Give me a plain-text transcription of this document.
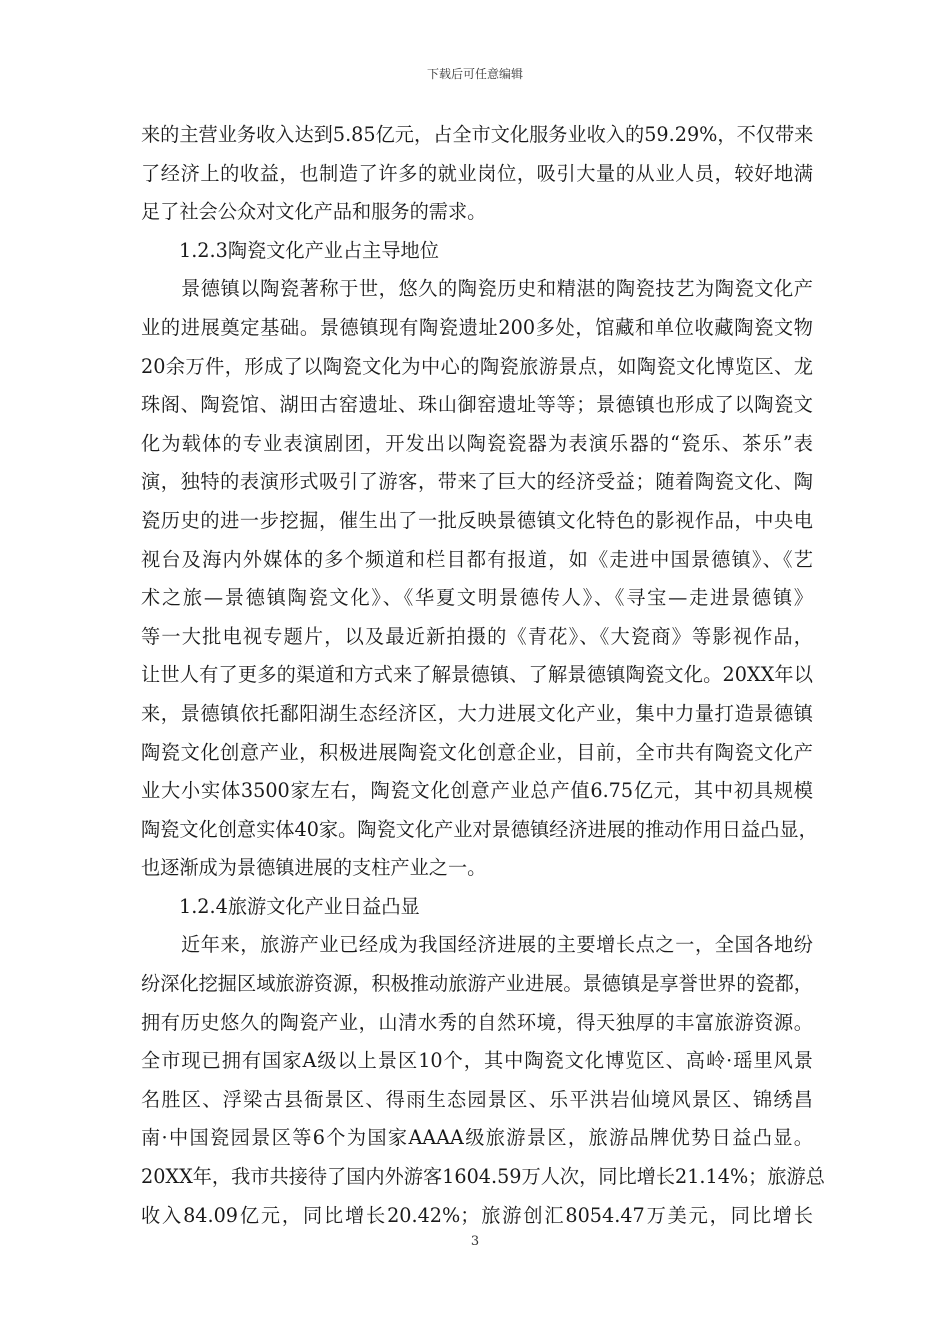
下载后可任意编辑
来的主营业务收入达到5.85亿元，占全市文化服务业收入的59.29%，不仅带来
了经济上的收益，也制造了许多的就业岗位，吸引大量的从业人员，较好地满
足了社会公众对文化产品和服务的需求。
1.2.3陶瓷文化产业占主导地位
景德镇以陶瓷著称于世，悠久的陶瓷历史和精湛的陶瓷技艺为陶瓷文化产
业的进展奠定基础。景德镇现有陶瓷遗址200多处，馆藏和单位收藏陶瓷文物
20余万件，形成了以陶瓷文化为中心的陶瓷旅游景点，如陶瓷文化博览区、龙
珠阁、陶瓷馆、湖田古窑遗址、珠山御窑遗址等等；景德镇也形成了以陶瓷文
化为载体的专业表演剧团，开发出以陶瓷瓷器为表演乐器的“瓷乐、茶乐”表
演，独特的表演形式吸引了游客，带来了巨大的经济受益；随着陶瓷文化、陶
瓷历史的进一步挖掘，催生出了一批反映景德镇文化特色的影视作品，中央电
视台及海内外媒体的多个频道和栏目都有报道，如《走进中国景德镇》、《艺
术之旅—景德镇陶瓷文化》、《华夏文明景德传人》、《寻宝—走进景德镇》
等一大批电视专题片，以及最近新拍摄的《青花》、《大瓷商》等影视作品，
让世人有了更多的渠道和方式来了解景德镇、了解景德镇陶瓷文化。20XX年以
来，景德镇依托鄱阳湖生态经济区，大力进展文化产业，集中力量打造景德镇
陶瓷文化创意产业，积极进展陶瓷文化创意企业，目前，全市共有陶瓷文化产
业大小实体3500家左右，陶瓷文化创意产业总产值6.75亿元，其中初具规模
陶瓷文化创意实体40家。陶瓷文化产业对景德镇经济进展的推动作用日益凸显，
也逐渐成为景德镇进展的支柱产业之一。
1.2.4旅游文化产业日益凸显
近年来，旅游产业已经成为我国经济进展的主要增长点之一，全国各地纷
纷深化挖掘区域旅游资源，积极推动旅游产业进展。景德镇是享誉世界的瓷都，
拥有历史悠久的陶瓷产业，山清水秀的自然环境，得天独厚的丰富旅游资源。
全市现已拥有国家A级以上景区10个，其中陶瓷文化博览区、高岭·瑶里风景
名胜区、浮梁古县衙景区、得雨生态园景区、乐平洪岩仙境风景区、锦绣昌
南·中国瓷园景区等6个为国家AAAA级旅游景区，旅游品牌优势日益凸显。
20XX年，我市共接待了国内外游客1604.59万人次，同比增长21.14%；旅游总
收入84.09亿元，同比增长20.42%；旅游创汇8054.47万美元，同比增长
3
